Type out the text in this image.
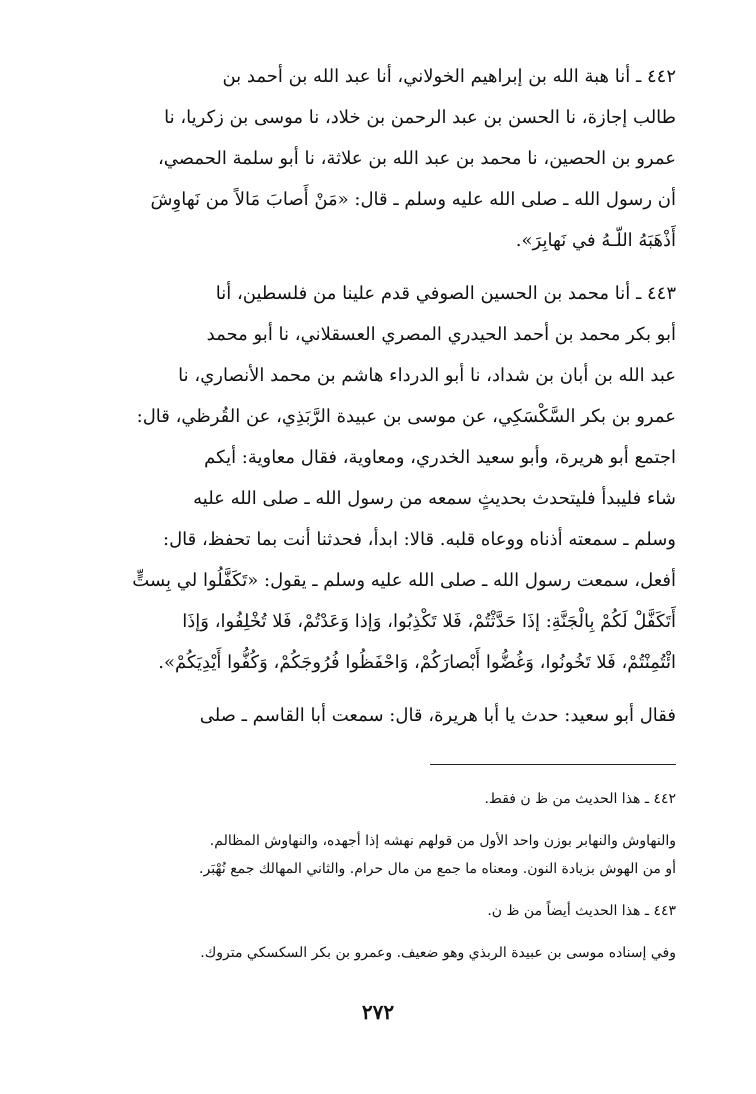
٤٤٢ ـ أنا هبة الله بن إبراهيم الخولاني، أنا عبد الله بن أحمد بن
طالب إجازة، نا الحسن بن عبد الرحمن بن خلاد، نا موسى بن زكريا، نا
عمرو بن الحصين، نا محمد بن عبد الله بن علاثة، نا أبو سلمة الحمصي،
أن رسول الله ـ صلى الله عليه وسلم ـ قال: «مَنْ أَصابَ مَالاً من نَهاوِشَ
أَذْهَبَهُ اللّـهُ في نَهابِرَ».
٤٤٣ ـ أنا محمد بن الحسين الصوفي قدم علينا من فلسطين، أنا
أبو بكر محمد بن أحمد الحيدري المصري العسقلاني، نا أبو محمد
عبد الله بن أبان بن شداد، نا أبو الدرداء هاشم بن محمد الأنصاري، نا
عمرو بن بكر السَّكْسَكِي، عن موسى بن عبيدة الرَّبَذِي، عن القُرظي، قال:
اجتمع أبو هريرة، وأبو سعيد الخدري، ومعاوية، فقال معاوية: أيكم
شاء فليبدأ فليتحدث بحديثٍ سمعه من رسول الله ـ صلى الله عليه
وسلم ـ سمعته أذناه ووعاه قلبه. قالا: ابدأ، فحدثنا أنت بما تحفظ، قال:
أفعل، سمعت رسول الله ـ صلى الله عليه وسلم ـ يقول: «تَكَفَّلُوا لي بِستٍّ
أَتَكَفَّلْ لَكُمْ بِالْجَنَّةِ: إذَا حَدَّثْتُمْ، فَلا تَكْذِبُوا، وَإذا وَعَدْتُمْ، فَلا تُخْلِفُوا، وَإذَا
ائْتُمِنْتُمْ، فَلا تَخُونُوا، وَغُضُّوا أَبْصارَكُمْ، وَاحْفَظُوا فُرُوجَكُمْ، وَكُفُّوا أَيْدِيَكُمْ».
فقال أبو سعيد: حدث يا أبا هريرة، قال: سمعت أبا القاسم ـ صلى
٤٤٢ ـ هذا الحديث من ظ ن فقط.
والنهاوش والنهابر بوزن واحد الأول من قولهم نهشه إذا أجهده، والنهاوش المظالم.
أو من الهوش بزيادة النون. ومعناه ما جمع من مال حرام. والثاني المهالك جمع نُهْبَر.
٤٤٣ ـ هذا الحديث أيضاً من ظ ن.
وفي إسناده موسى بن عبيدة الربذي وهو ضعيف. وعمرو بن بكر السكسكي متروك.
٢٧٢
